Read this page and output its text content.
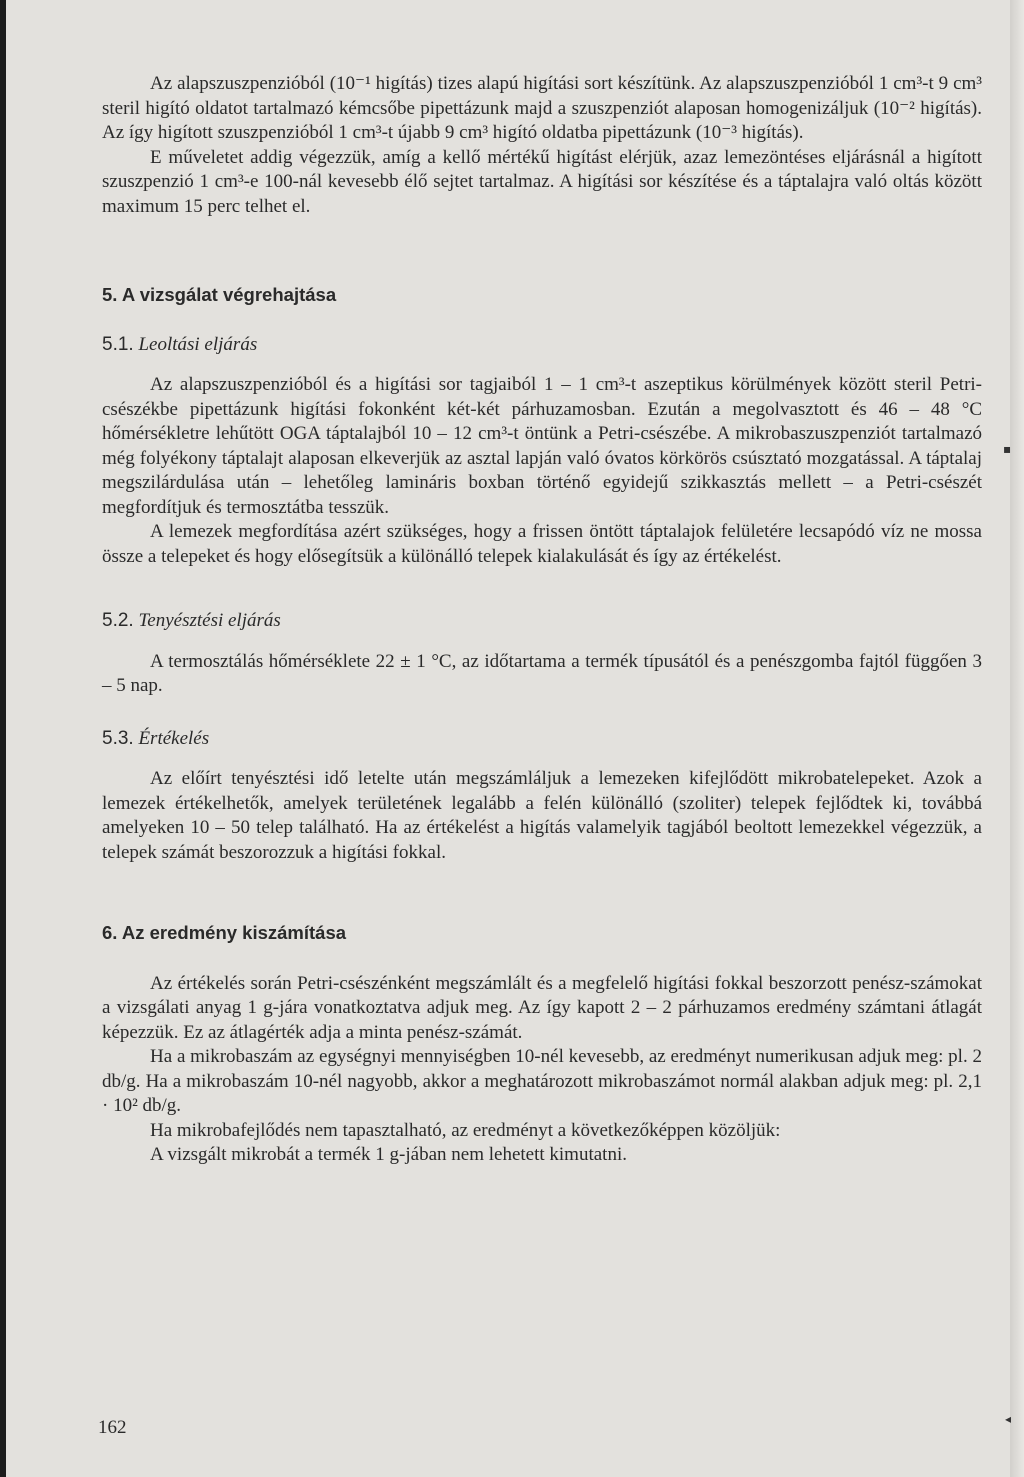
Az alapszuszpenzióból (10⁻¹ higítás) tizes alapú higítási sort készítünk. Az alapszuszpenzióból 1 cm³-t 9 cm³ steril higító oldatot tartalmazó kémcsőbe pipettázunk majd a szuszpenziót alaposan homogenizáljuk (10⁻² higítás). Az így higított szuszpenzióból 1 cm³-t újabb 9 cm³ higító oldatba pipettázunk (10⁻³ higítás).

E műveletet addig végezzük, amíg a kellő mértékű higítást elérjük, azaz lemezöntéses eljárásnál a higított szuszpenzió 1 cm³-e 100-nál kevesebb élő sejtet tartalmaz. A higítási sor készítése és a táptalajra való oltás között maximum 15 perc telhet el.

5. A vizsgálat végrehajtása

5.1. Leoltási eljárás

Az alapszuszpenzióból és a higítási sor tagjaiból 1 – 1 cm³-t aszeptikus körülmények között steril Petri-csészékbe pipettázunk higítási fokonként két-két párhuzamosban. Ezután a megolvasztott és 46 – 48 °C hőmérsékletre lehűtött OGA táptalajból 10 – 12 cm³-t öntünk a Petri-csészébe. A mikrobaszuszpenziót tartalmazó még folyékony táptalajt alaposan elkeverjük az asztal lapján való óvatos körkörös csúsztató mozgatással. A táptalaj megszilárdulása után – lehetőleg lamináris boxban történő egyidejű szikkasztás mellett – a Petri-csészét megfordítjuk és termosztátba tesszük.

A lemezek megfordítása azért szükséges, hogy a frissen öntött táptalajok felületére lecsapódó víz ne mossa össze a telepeket és hogy elősegítsük a különálló telepek kialakulását és így az értékelést.

5.2. Tenyésztési eljárás

A termosztálás hőmérséklete 22 ± 1 °C, az időtartama a termék típusától és a penészgomba fajtól függően 3 – 5 nap.

5.3. Értékelés

Az előírt tenyésztési idő letelte után megszámláljuk a lemezeken kifejlődött mikrobatelepeket. Azok a lemezek értékelhetők, amelyek területének legalább a felén különálló (szoliter) telepek fejlődtek ki, továbbá amelyeken 10 – 50 telep található. Ha az értékelést a higítás valamelyik tagjából beoltott lemezekkel végezzük, a telepek számát beszorozzuk a higítási fokkal.

6. Az eredmény kiszámítása

Az értékelés során Petri-csészénként megszámlált és a megfelelő higítási fokkal beszorzott penész-számokat a vizsgálati anyag 1 g-jára vonatkoztatva adjuk meg. Az így kapott 2 – 2 párhuzamos eredmény számtani átlagát képezzük. Ez az átlagérték adja a minta penész-számát.

Ha a mikrobaszám az egységnyi mennyiségben 10-nél kevesebb, az eredményt numerikusan adjuk meg: pl. 2 db/g. Ha a mikrobaszám 10-nél nagyobb, akkor a meghatározott mikrobaszámot normál alakban adjuk meg: pl. 2,1 · 10² db/g.

Ha mikrobafejlődés nem tapasztalható, az eredményt a következőképpen közöljük:

A vizsgált mikrobát a termék 1 g-jában nem lehetett kimutatni.

162
▪
◂
